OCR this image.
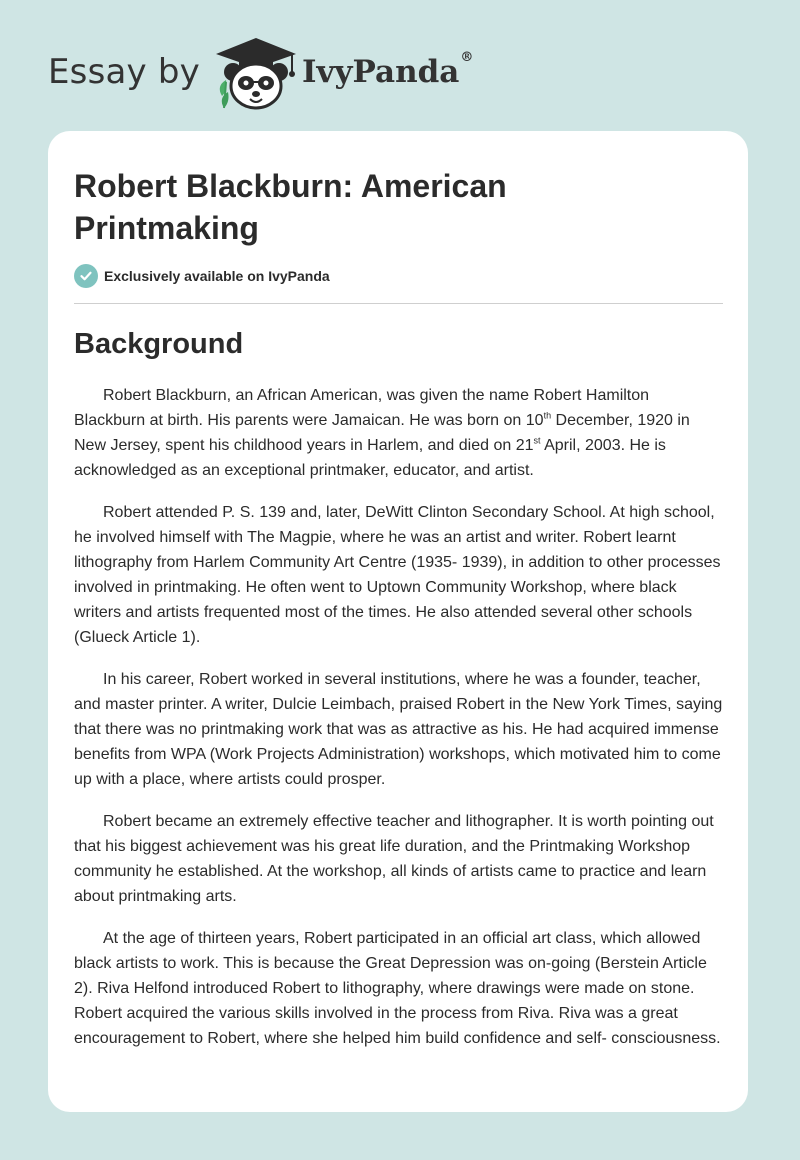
Essay by	IvyPanda®
Robert Blackburn: American Printmaking
Exclusively available on IvyPanda
Background

Robert Blackburn, an African American, was given the name Robert Hamilton Blackburn at birth. His parents were Jamaican. He was born on 10th December, 1920 in New Jersey, spent his childhood years in Harlem, and died on 21st April, 2003. He is acknowledged as an exceptional printmaker, educator, and artist.

Robert attended P. S. 139 and, later, DeWitt Clinton Secondary School. At high school, he involved himself with The Magpie, where he was an artist and writer. Robert learnt lithography from Harlem Community Art Centre (1935- 1939), in addition to other processes involved in printmaking. He often went to Uptown Community Workshop, where black writers and artists frequented most of the times. He also attended several other schools (Glueck Article 1).

In his career, Robert worked in several institutions, where he was a founder, teacher, and master printer. A writer, Dulcie Leimbach, praised Robert in the New York Times, saying that there was no printmaking work that was as attractive as his. He had acquired immense benefits from WPA (Work Projects Administration) workshops, which motivated him to come up with a place, where artists could prosper.

Robert became an extremely effective teacher and lithographer. It is worth pointing out that his biggest achievement was his great life duration, and the Printmaking Workshop community he established. At the workshop, all kinds of artists came to practice and learn about printmaking arts.

At the age of thirteen years, Robert participated in an official art class, which allowed black artists to work. This is because the Great Depression was on-going (Berstein Article 2). Riva Helfond introduced Robert to lithography, where drawings were made on stone. Robert acquired the various skills involved in the process from Riva. Riva was a great encouragement to Robert, where she helped him build confidence and self- consciousness.
